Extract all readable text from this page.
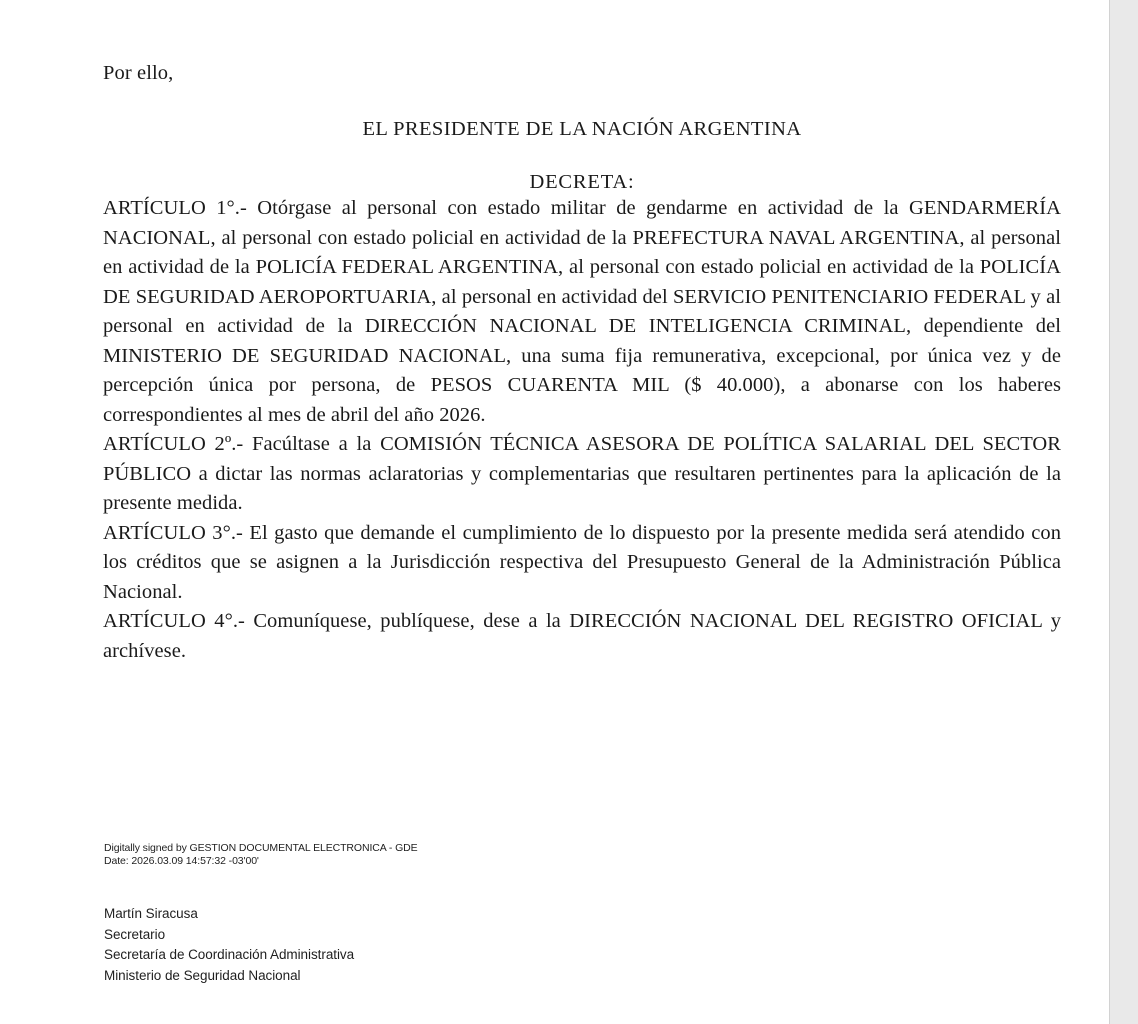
Por ello,
EL PRESIDENTE DE LA NACIÓN ARGENTINA
DECRETA:

ARTÍCULO 1°.- Otórgase al personal con estado militar de gendarme en actividad de la GENDARMERÍA NACIONAL, al personal con estado policial en actividad de la PREFECTURA NAVAL ARGENTINA, al personal en actividad de la POLICÍA FEDERAL ARGENTINA, al personal con estado policial en actividad de la POLICÍA DE SEGURIDAD AEROPORTUARIA, al personal en actividad del SERVICIO PENITENCIARIO FEDERAL y al personal en actividad de la DIRECCIÓN NACIONAL DE INTELIGENCIA CRIMINAL, dependiente del MINISTERIO DE SEGURIDAD NACIONAL, una suma fija remunerativa, excepcional, por única vez y de percepción única por persona, de PESOS CUARENTA MIL ($ 40.000), a abonarse con los haberes correspondientes al mes de abril del año 2026.

ARTÍCULO 2º.- Facúltase a la COMISIÓN TÉCNICA ASESORA DE POLÍTICA SALARIAL DEL SECTOR PÚBLICO a dictar las normas aclaratorias y complementarias que resultaren pertinentes para la aplicación de la presente medida.

ARTÍCULO 3°.- El gasto que demande el cumplimiento de lo dispuesto por la presente medida será atendido con los créditos que se asignen a la Jurisdicción respectiva del Presupuesto General de la Administración Pública Nacional.

ARTÍCULO 4°.- Comuníquese, publíquese, dese a la DIRECCIÓN NACIONAL DEL REGISTRO OFICIAL y archívese.

Digitally signed by GESTION DOCUMENTAL ELECTRONICA - GDE
Date: 2026.03.09 14:57:32 -03'00'
Martín Siracusa
Secretario
Secretaría de Coordinación Administrativa
Ministerio de Seguridad Nacional
